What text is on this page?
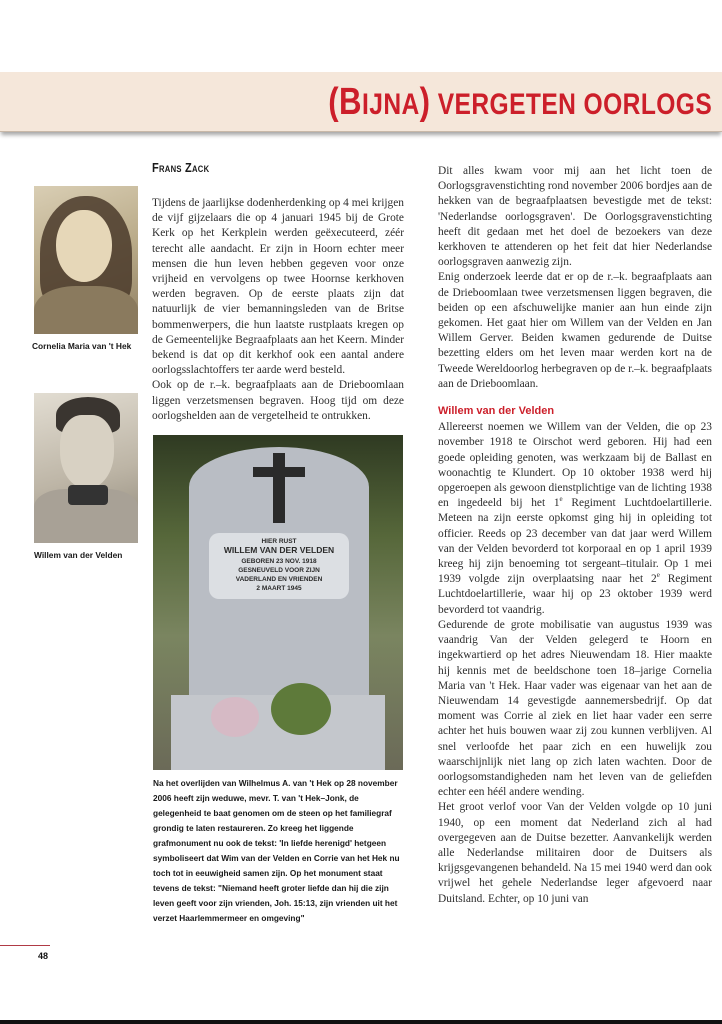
(BIJNA) VERGETEN OORLOGS
Cornelia Maria van 't Hek
Willem van der Velden
Frans Zack

Tijdens de jaarlijkse dodenherdenking op 4 mei krijgen de vijf gijzelaars die op 4 januari 1945 bij de Grote Kerk op het Kerkplein werden geëxecuteerd, zéér terecht alle aandacht. Er zijn in Hoorn echter meer mensen die hun leven hebben gegeven voor onze vrijheid en vervolgens op twee Hoornse kerkhoven werden begraven. Op de eerste plaats zijn dat natuurlijk de vier bemanningsleden van de Britse bommenwerpers, die hun laatste rustplaats kregen op de Gemeentelijke Begraafplaats aan het Keern. Minder bekend is dat op dit kerkhof ook een aantal andere oorlogsslachtoffers ter aarde werd besteld.

Ook op de r.–k. begraafplaats aan de Drieboomlaan liggen verzetsmensen begraven. Hoog tijd om deze oorlogshelden aan de vergetelheid te ontrukken.

HIER RUST
WILLEM VAN DER VELDEN
GEBOREN 23 NOV. 1918
GESNEUVELD VOOR ZIJN
VADERLAND EN VRIENDEN
2 MAART 1945
Na het overlijden van Wilhelmus A. van 't Hek op 28 november 2006 heeft zijn weduwe, mevr. T. van 't Hek–Jonk, de gelegenheid te baat genomen om de steen op het familiegraf grondig te laten restaureren. Zo kreeg het liggende grafmonument nu ook de tekst: 'In liefde herenigd' hetgeen symboliseert dat Wim van der Velden en Corrie van het Hek nu toch tot in eeuwigheid samen zijn. Op het monument staat tevens de tekst: "Niemand heeft groter liefde dan hij die zijn leven geeft voor zijn vrienden, Joh. 15:13, zijn vrienden uit het verzet Haarlemmermeer en omgeving"

Dit alles kwam voor mij aan het licht toen de Oorlogsgravenstichting rond november 2006 bordjes aan de hekken van de begraafplaatsen bevestigde met de tekst: 'Nederlandse oorlogsgraven'. De Oorlogsgravenstichting heeft dit gedaan met het doel de bezoekers van deze kerkhoven te attenderen op het feit dat hier Nederlandse oorlogsgraven aanwezig zijn.

Enig onderzoek leerde dat er op de r.–k. begraafplaats aan de Drieboomlaan twee verzetsmensen liggen begraven, die beiden op een afschuwelijke manier aan hun einde zijn gekomen. Het gaat hier om Willem van der Velden en Jan Willem Gerver. Beiden kwamen gedurende de Duitse bezetting elders om het leven maar werden kort na de Tweede Wereldoorlog herbegraven op de r.–k. begraafplaats aan de Drieboomlaan.

Willem van der Velden

Allereerst noemen we Willem van der Velden, die op 23 november 1918 te Oirschot werd geboren. Hij had een goede opleiding genoten, was werkzaam bij de Ballast en woonachtig te Klundert. Op 10 oktober 1938 werd hij opgeroepen als gewoon dienstplichtige van de lichting 1938 en ingedeeld bij het 1e Regiment Luchtdoelartillerie. Meteen na zijn eerste opkomst ging hij in opleiding tot officier. Reeds op 23 december van dat jaar werd Willem van der Velden bevorderd tot korporaal en op 1 april 1939 kreeg hij zijn benoeming tot sergeant–titulair. Op 1 mei 1939 volgde zijn overplaatsing naar het 2e Regiment Luchtdoelartillerie, waar hij op 23 oktober 1939 werd bevorderd tot vaandrig.

Gedurende de grote mobilisatie van augustus 1939 was vaandrig Van der Velden gelegerd te Hoorn en ingekwartierd op het adres Nieuwendam 18. Hier maakte hij kennis met de beeldschone toen 18–jarige Cornelia Maria van 't Hek. Haar vader was eigenaar van het aan de Nieuwendam 14 gevestigde aannemersbedrijf. Op dat moment was Corrie al ziek en liet haar vader een serre achter het huis bouwen waar zij zou kunnen verblijven. Al snel verloofde het paar zich en een huwelijk zou waarschijnlijk niet lang op zich laten wachten. Door de oorlogsomstandigheden nam het leven van de geliefden echter een héél andere wending.

Het groot verlof voor Van der Velden volgde op 10 juni 1940, op een moment dat Nederland zich al had overgegeven aan de Duitse bezetter. Aanvankelijk werden alle Nederlandse militairen door de Duitsers als krijgsgevangenen behandeld. Na 15 mei 1940 werd dan ook vrijwel het gehele Nederlandse leger afgevoerd naar Duitsland. Echter, op 10 juni van

48
